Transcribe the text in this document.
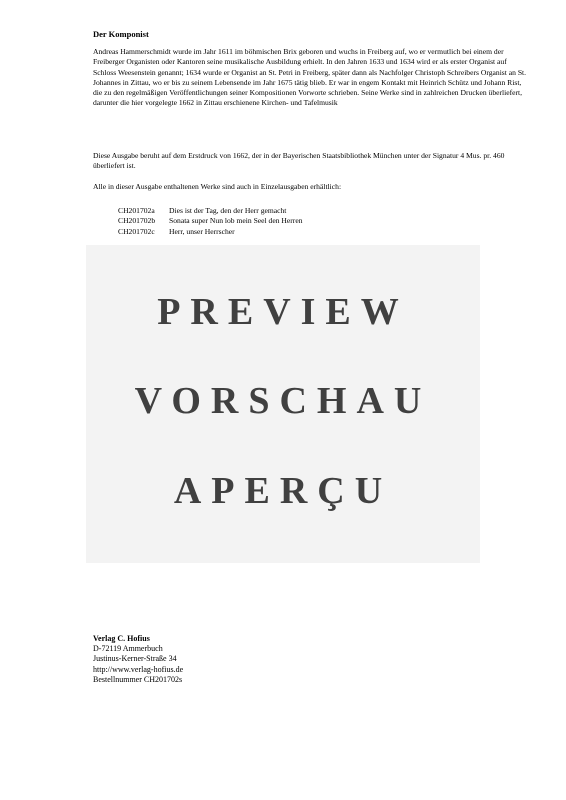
Der Komponist

Andreas Hammerschmidt wurde im Jahr 1611 im böhmischen Brix geboren und wuchs in Freiberg auf, wo er vermutlich bei einem der Freiberger Organisten oder Kantoren seine musikalische Ausbildung erhielt. In den Jahren 1633 und 1634 wird er als erster Organist auf Schloss Weesenstein genannt; 1634 wurde er Organist an St. Petri in Freiberg, später dann als Nachfolger Christoph Schreibers Organist an St. Johannes in Zittau, wo er bis zu seinem Lebensende im Jahr 1675 tätig blieb. Er war in engem Kontakt mit Heinrich Schütz und Johann Rist, die zu den regelmäßigen Veröffentlichungen seiner Kompositionen Vorworte schrieben. Seine Werke sind in zahlreichen Drucken überliefert, darunter die hier vorgelegte 1662 in Zittau erschienene Kirchen- und Tafelmusik

Diese Ausgabe beruht auf dem Erstdruck von 1662, der in der Bayerischen Staatsbibliothek München unter der Signatur 4 Mus. pr. 460 überliefert ist.

Alle in dieser Ausgabe enthaltenen Werke sind auch in Einzelausgaben erhältlich:

CH201702a	Dies ist der Tag, den der Herr gemacht
CH201702b	Sonata super Nun lob mein Seel den Herren
CH201702c	Herr, unser Herrscher
PREVIEW
VORSCHAU
APERÇU
Verlag C. Hofius
D-72119 Ammerbuch
Justinus-Kerner-Straße 34
http://www.verlag-hofius.de
Bestellnummer CH201702s
